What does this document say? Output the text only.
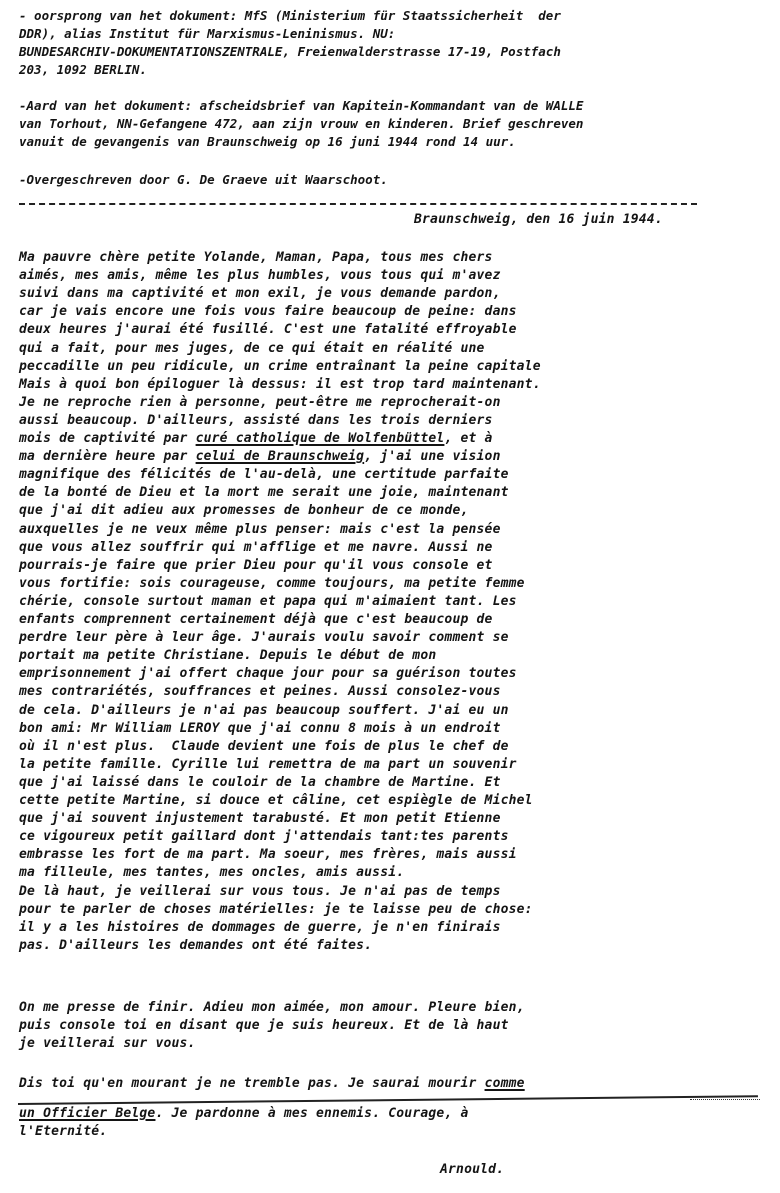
- oorsprong van het dokument: MfS (Ministerium für Staatssicherheit  der
DDR), alias Institut für Marxismus-Leninismus. NU:
BUNDESARCHIV-DOKUMENTATIONSZENTRALE, Freienwalderstrasse 17-19, Postfach
203, 1092 BERLIN.
-Aard van het dokument: afscheidsbrief van Kapitein-Kommandant van de WALLE
van Torhout, NN-Gefangene 472, aan zijn vrouw en kinderen. Brief geschreven
vanuit de gevangenis van Braunschweig op 16 juni 1944 rond 14 uur.
-Overgeschreven door G. De Graeve uit Waarschoot.
Braunschweig, den 16 juin 1944.
Ma pauvre chère petite Yolande, Maman, Papa, tous mes chers
aimés, mes amis, même les plus humbles, vous tous qui m'avez
suivi dans ma captivité et mon exil, je vous demande pardon,
car je vais encore une fois vous faire beaucoup de peine: dans
deux heures j'aurai été fusillé. C'est une fatalité effroyable
qui a fait, pour mes juges, de ce qui était en réalité une
peccadille un peu ridicule, un crime entraînant la peine capitale
Mais à quoi bon épiloguer là dessus: il est trop tard maintenant.
Je ne reproche rien à personne, peut-être me reprocherait-on
aussi beaucoup. D'ailleurs, assisté dans les trois derniers
mois de captivité par curé catholique de Wolfenbüttel, et à
ma dernière heure par celui de Braunschweig, j'ai une vision
magnifique des félicités de l'au-delà, une certitude parfaite
de la bonté de Dieu et la mort me serait une joie, maintenant
que j'ai dit adieu aux promesses de bonheur de ce monde,
auxquelles je ne veux même plus penser: mais c'est la pensée
que vous allez souffrir qui m'afflige et me navre. Aussi ne
pourrais-je faire que prier Dieu pour qu'il vous console et
vous fortifie: sois courageuse, comme toujours, ma petite femme
chérie, console surtout maman et papa qui m'aimaient tant. Les
enfants comprennent certainement déjà que c'est beaucoup de
perdre leur père à leur âge. J'aurais voulu savoir comment se
portait ma petite Christiane. Depuis le début de mon
emprisonnement j'ai offert chaque jour pour sa guérison toutes
mes contrariétés, souffrances et peines. Aussi consolez-vous
de cela. D'ailleurs je n'ai pas beaucoup souffert. J'ai eu un
bon ami: Mr William LEROY que j'ai connu 8 mois à un endroit
où il n'est plus.  Claude devient une fois de plus le chef de
la petite famille. Cyrille lui remettra de ma part un souvenir
que j'ai laissé dans le couloir de la chambre de Martine. Et
cette petite Martine, si douce et câline, cet espiègle de Michel
que j'ai souvent injustement tarabusté. Et mon petit Etienne
ce vigoureux petit gaillard dont j'attendais tant:tes parents
embrasse les fort de ma part. Ma soeur, mes frères, mais aussi
ma filleule, mes tantes, mes oncles, amis aussi.
De là haut, je veillerai sur vous tous. Je n'ai pas de temps
pour te parler de choses matérielles: je te laisse peu de chose:
il y a les histoires de dommages de guerre, je n'en finirais
pas. D'ailleurs les demandes ont été faites.
On me presse de finir. Adieu mon aimée, mon amour. Pleure bien,
puis console toi en disant que je suis heureux. Et de là haut
je veillerai sur vous.
Dis toi qu'en mourant je ne tremble pas. Je saurai mourir comme
un Officier Belge. Je pardonne à mes ennemis. Courage, à
l'Eternité.
Arnould.
